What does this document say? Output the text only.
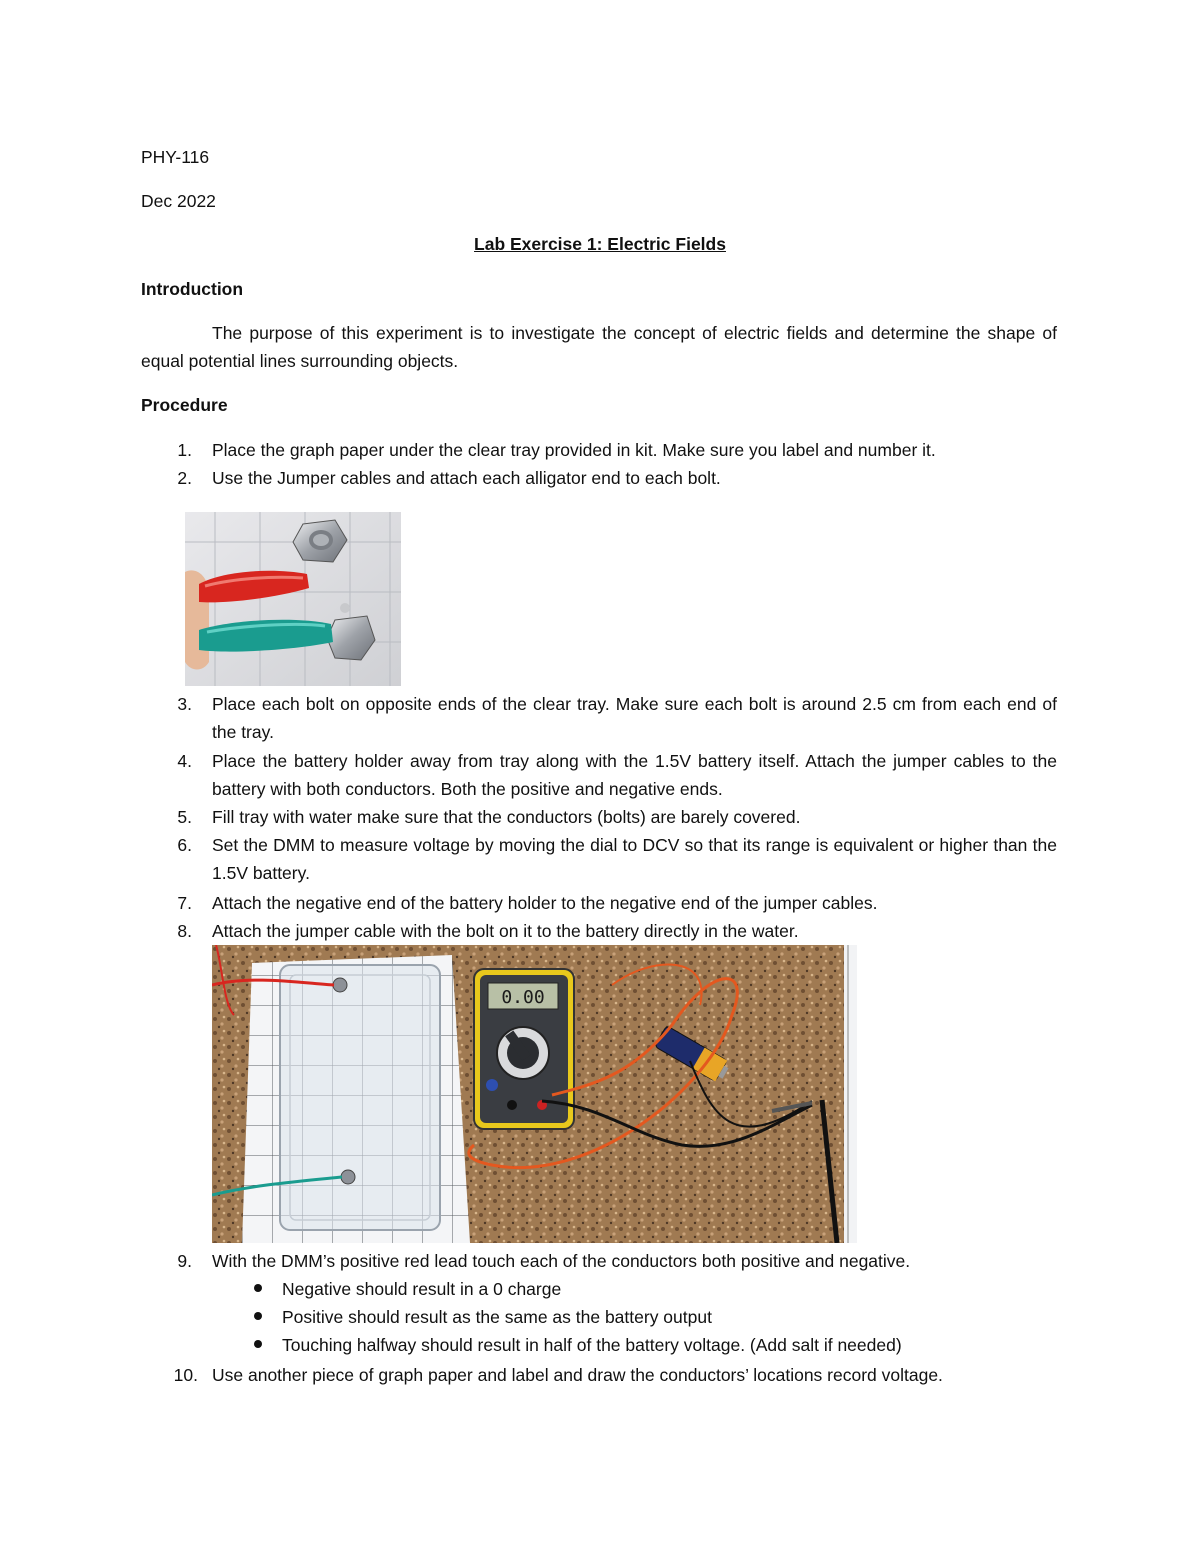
PHY-116
Dec 2022
Lab Exercise 1: Electric Fields
Introduction
The purpose of this experiment is to investigate the concept of electric fields and determine the shape of equal potential lines surrounding objects.
Procedure
1. Place the graph paper under the clear tray provided in kit. Make sure you label and number it.
2. Use the Jumper cables and attach each alligator end to each bolt.
3. Place each bolt on opposite ends of the clear tray. Make sure each bolt is around 2.5 cm from each end of the tray.
4. Place the battery holder away from tray along with the 1.5V battery itself. Attach the jumper cables to the battery with both conductors. Both the positive and negative ends.
5. Fill tray with water make sure that the conductors (bolts) are barely covered.
6. Set the DMM to measure voltage by moving the dial to DCV so that its range is equivalent or higher than the 1.5V battery.
7. Attach the negative end of the battery holder to the negative end of the jumper cables.
8. Attach the jumper cable with the bolt on it to the battery directly in the water.
0.00
9. With the DMM’s positive red lead touch each of the conductors both positive and negative.
Negative should result in a 0 charge
Positive should result as the same as the battery output
Touching halfway should result in half of the battery voltage. (Add salt if needed)
10. Use another piece of graph paper and label and draw the conductors’ locations record voltage.
